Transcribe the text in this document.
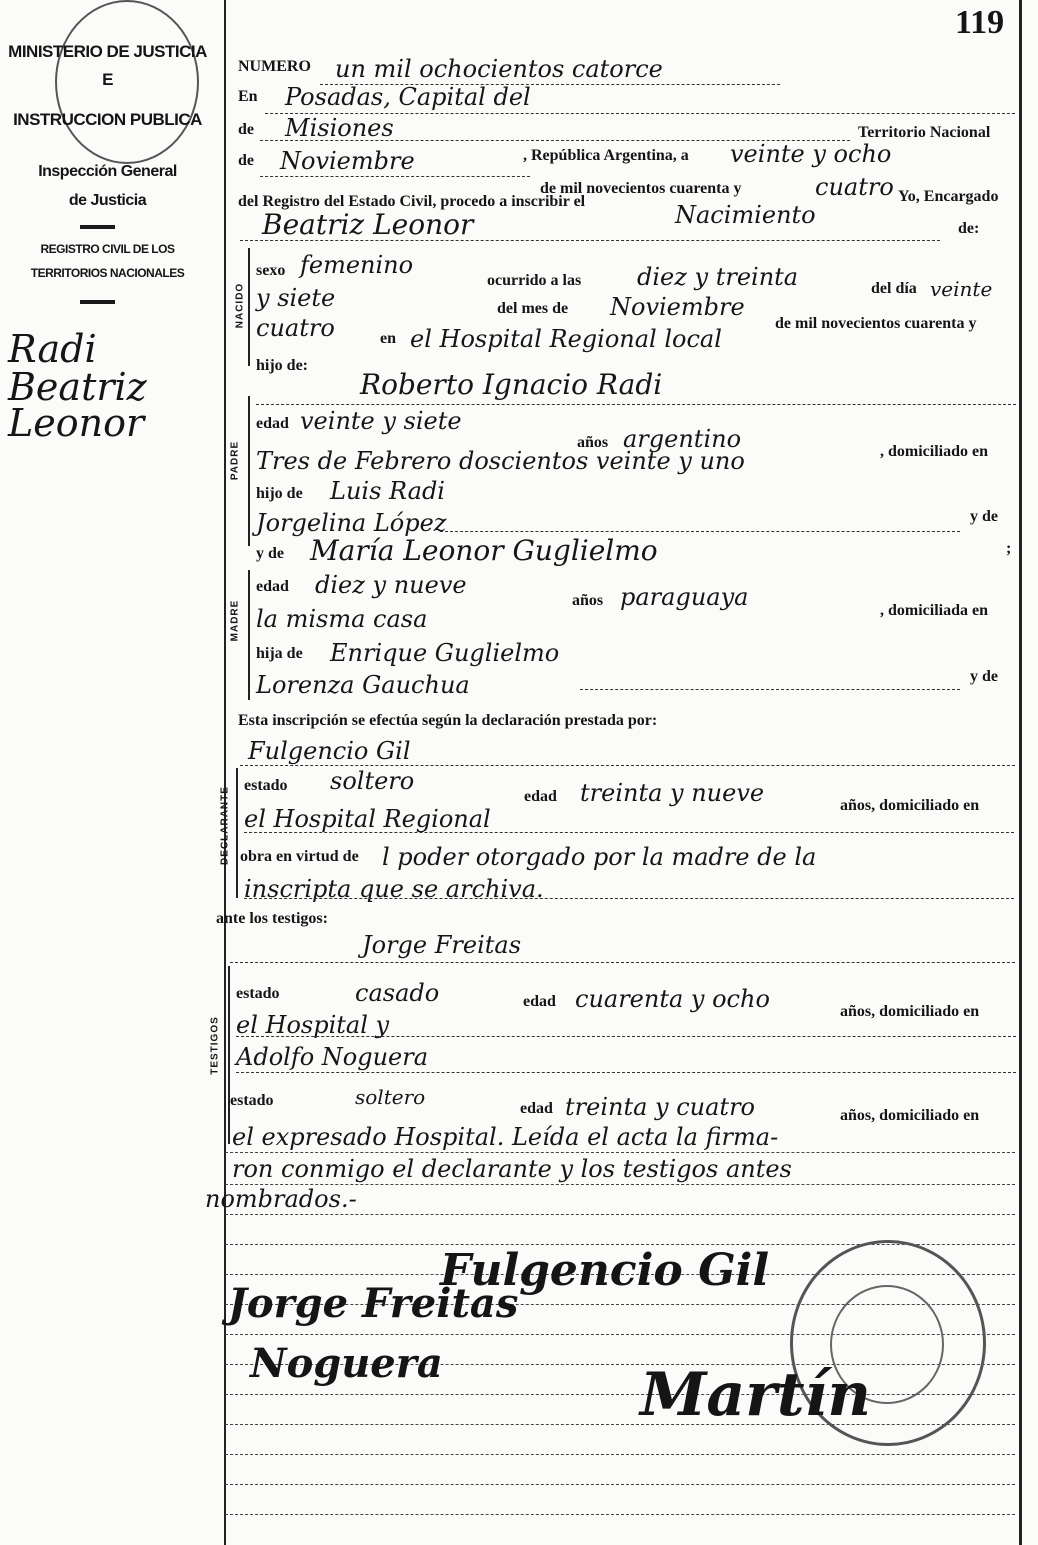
119
MINISTERIO DE JUSTICIA
E
INSTRUCCION PUBLICA
Inspección General
de Justicia
REGISTRO CIVIL DE LOS
TERRITORIOS NACIONALES
Radi
Beatriz
Leonor
NUMERO un mil ochocientos catorce
En Posadas, Capital del
de Misiones	Territorio Nacional
de Noviembre	, República Argentina, a veinte y ocho
de mil novecientos cuarenta y	cuatro Yo, Encargado
del Registro del Estado Civil, procedo a inscribir el	Nacimiento
Beatriz Leonor	de:
NACIDO
sexo femenino
ocurrido a las diez y treinta	del día veinte
y siete	del mes de Noviembre
cuatro	de mil novecientos cuarenta y
en el Hospital Regional local
hijo de:
PADRE
Roberto Ignacio Radi
edad veinte y siete
años argentino	, domiciliado en
Tres de Febrero doscientos veinte y uno
hijo de Luis Radi
Jorgelina López	y de
y de María Leonor Guglielmo	;
MADRE
edad diez y nueve
años paraguaya	, domiciliada en
la misma casa
hija de Enrique Guglielmo
Lorenza Gauchua	y de
Esta inscripción se efectúa según la declaración prestada por:
Fulgencio Gil
DECLARANTE
estado soltero
edad treinta y nueve	años, domiciliado en
el Hospital Regional
obra en virtud de l poder otorgado por la madre de la
inscripta que se archiva.
ante los testigos:
Jorge Freitas
TESTIGOS
estado	casado	edad cuarenta y ocho	años, domiciliado en
el Hospital y
Adolfo Noguera
estado	soltero	edad treinta y cuatro	años, domiciliado en
el expresado Hospital. Leída el acta la firma-
ron conmigo el declarante y los testigos antes
nombrados.-
Fulgencio Gil
Jorge Freitas
Noguera	Martín
